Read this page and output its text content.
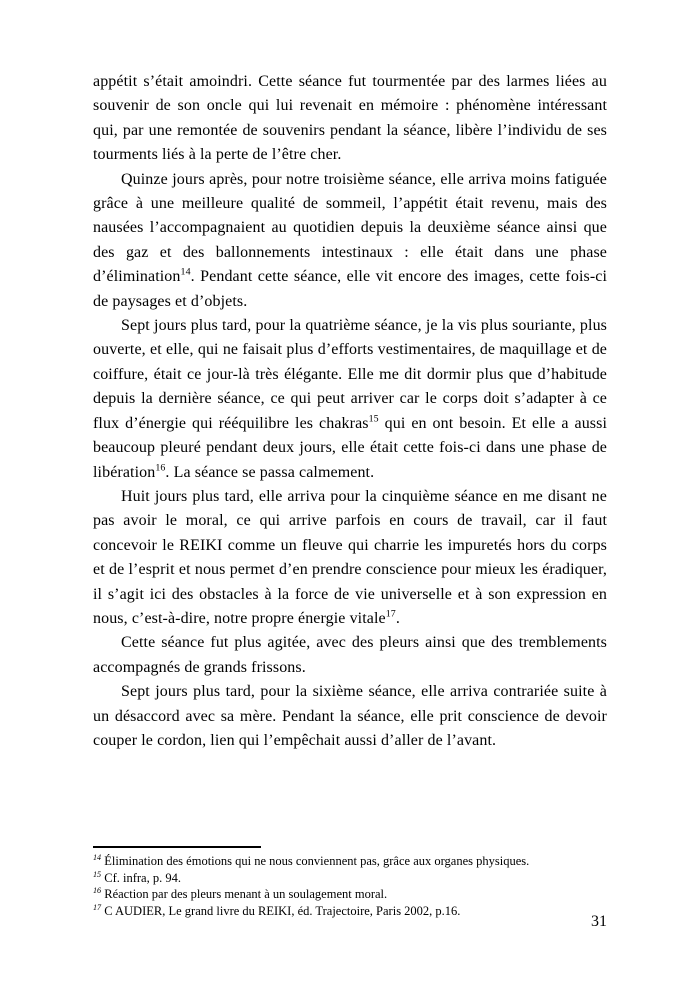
appétit s’était amoindri. Cette séance fut tourmentée par des larmes liées au souvenir de son oncle qui lui revenait en mémoire : phénomène intéressant qui, par une remontée de souvenirs pendant la séance, libère l’individu de ses tourments liés à la perte de l’être cher.

Quinze jours après, pour notre troisième séance, elle arriva moins fatiguée grâce à une meilleure qualité de sommeil, l’appétit était revenu, mais des nausées l’accompagnaient au quotidien depuis la deuxième séance ainsi que des gaz et des ballonnements intestinaux : elle était dans une phase d’élimination$^{14}$. Pendant cette séance, elle vit encore des images, cette fois-ci de paysages et d’objets.

Sept jours plus tard, pour la quatrième séance, je la vis plus souriante, plus ouverte, et elle, qui ne faisait plus d’efforts vestimentaires, de maquillage et de coiffure, était ce jour-là très élégante. Elle me dit dormir plus que d’habitude depuis la dernière séance, ce qui peut arriver car le corps doit s’adapter à ce flux d’énergie qui rééquilibre les chakras$^{15}$ qui en ont besoin. Et elle a aussi beaucoup pleuré pendant deux jours, elle était cette fois-ci dans une phase de libération$^{16}$. La séance se passa calmement.

Huit jours plus tard, elle arriva pour la cinquième séance en me disant ne pas avoir le moral, ce qui arrive parfois en cours de travail, car il faut concevoir le REIKI comme un fleuve qui charrie les impuretés hors du corps et de l’esprit et nous permet d’en prendre conscience pour mieux les éradiquer, il s’agit ici des obstacles à la force de vie universelle et à son expression en nous, c’est-à-dire, notre propre énergie vitale$^{17}$.

Cette séance fut plus agitée, avec des pleurs ainsi que des tremblements accompagnés de grands frissons.

Sept jours plus tard, pour la sixième séance, elle arriva contrariée suite à un désaccord avec sa mère. Pendant la séance, elle prit conscience de devoir couper le cordon, lien qui l’empêchait aussi d’aller de l’avant.

$^{14}$ Élimination des émotions qui ne nous conviennent pas, grâce aux organes physiques.

$^{15}$ Cf. infra, p. 94.

$^{16}$ Réaction par des pleurs menant à un soulagement moral.

$^{17}$ C AUDIER, Le grand livre du REIKI, éd. Trajectoire, Paris 2002, p.16.

31
